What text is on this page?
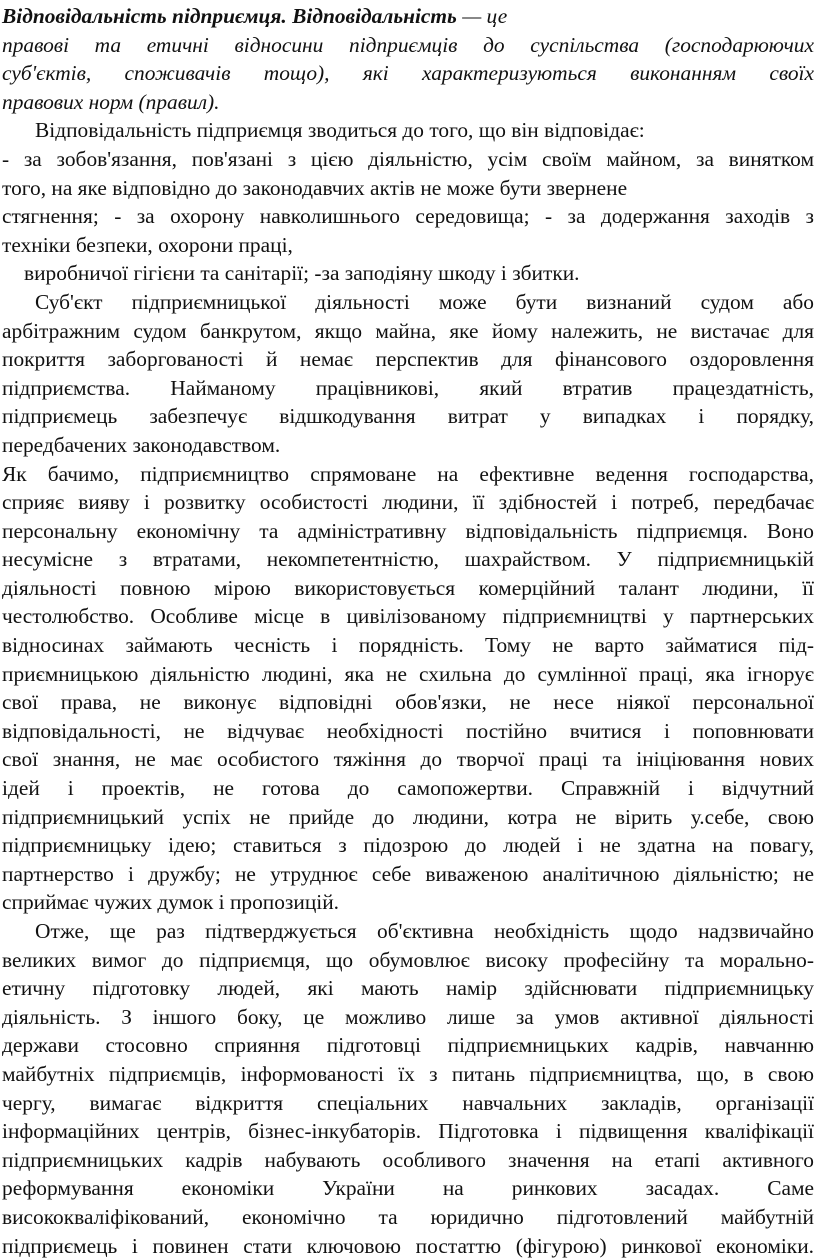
Відповідальність підприємця. Відповідальність — це

правові та етичні відносини підприємців до суспільства (господарюючих

суб'єктів, споживачів тощо), які характеризуються виконанням своїх

правових норм (правил).

Відповідальність підприємця зводиться до того, що він відповідає:

- за зобов'язання, пов'язані з цією діяльністю, усім своїм майном, за винятком

того, на яке відповідно до законодавчих актів не може бути звернене

стягнення; - за охорону навколишнього середовища; - за додержання заходів з

техніки безпеки, охорони праці,

виробничої гігієни та санітарії; -за заподіяну шкоду і збитки.

Суб'єкт підприємницької діяльності може бути визнаний судом або

арбітражним судом банкрутом, якщо майна, яке йому належить, не вистачає для

покриття заборгованості й немає перспектив для фінансового оздоровлення

підприємства. Найманому працівникові, який втратив працездатність,

підприємець забезпечує відшкодування витрат у випадках і порядку,

передбачених законодавством.

Як бачимо, підприємництво спрямоване на ефективне ведення господарства,

сприяє вияву і розвитку особистості людини, її здібностей і потреб, передбачає

персональну економічну та адміністративну відповідальність підприємця. Воно

несумісне з втратами, некомпетентністю, шахрайством. У підприємницькій

діяльності повною мірою використовується комерційний талант людини, її

честолюбство. Особливе місце в цивілізованому підприємництві у партнерських

відносинах займають чесність і порядність. Тому не варто займатися під-

приємницькою діяльністю людині, яка не схильна до сумлінної праці, яка ігнорує

свої права, не виконує відповідні обов'язки, не несе ніякої персональної

відповідальності, не відчуває необхідності постійно вчитися і поповнювати

свої знання, не має особистого тяжіння до творчої праці та ініціювання нових

ідей і проектів, не готова до самопожертви. Справжній і відчутний

підприємницький успіх не прийде до людини, котра не вірить у.себе, свою

підприємницьку ідею; ставиться з підозрою до людей і не здатна на повагу,

партнерство і дружбу; не утруднює себе виваженою аналітичною діяльністю; не

сприймає чужих думок і пропозицій.

Отже, ще раз підтверджується об'єктивна необхідність щодо надзвичайно

великих вимог до підприємця, що обумовлює високу професійну та морально-

етичну підготовку людей, які мають намір здійснювати підприємницьку

діяльність. З іншого боку, це можливо лише за умов активної діяльності

держави стосовно сприяння підготовці підприємницьких кадрів, навчанню

майбутніх підприємців, інформованості їх з питань підприємництва, що, в свою

чергу, вимагає відкриття спеціальних навчальних закладів, організації

інформаційних центрів, бізнес-інкубаторів. Підготовка і підвищення кваліфікації

підприємницьких кадрів набувають особливого значення на етапі активного

реформування економіки України на ринкових засадах. Саме

висококваліфікований, економічно та юридично підготовлений майбутній

підприємець і повинен стати ключовою постаттю (фігурою) ринкової економіки.
